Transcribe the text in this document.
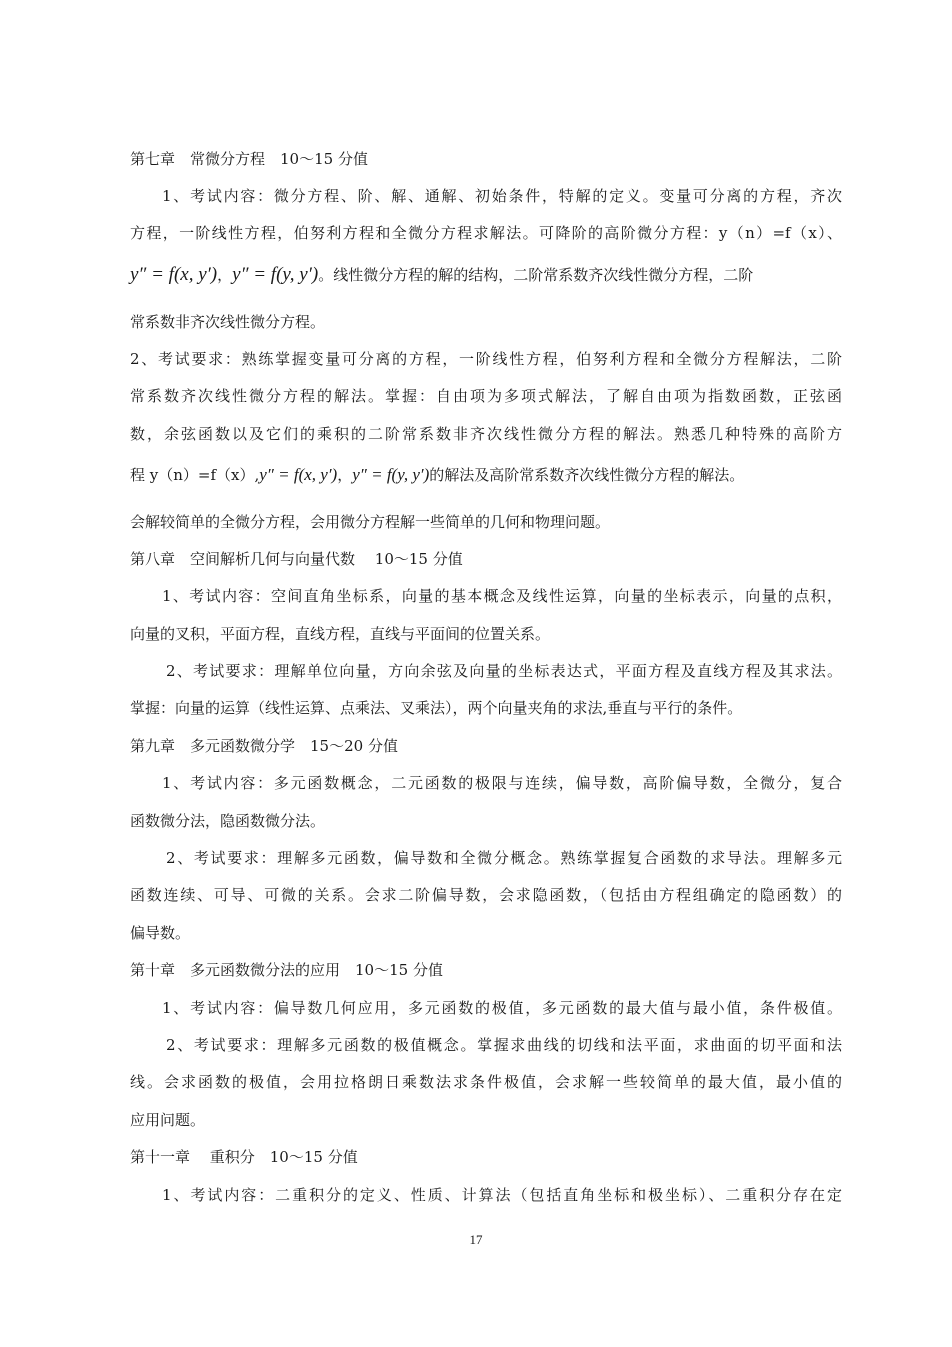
第七章　常微分方程　10～15 分值
1、考试内容：微分方程、阶、解、通解、初始条件，特解的定义。变量可分离的方程，齐次
方程，一阶线性方程，伯努利方程和全微分方程求解法。可降阶的高阶微分方程：y（n）=f（x）、
y″ = f(x, y′)，y″ = f(y, y′)。线性微分方程的解的结构，二阶常系数齐次线性微分方程，二阶
常系数非齐次线性微分方程。
2、考试要求：熟练掌握变量可分离的方程，一阶线性方程，伯努利方程和全微分方程解法，二阶
常系数齐次线性微分方程的解法。掌握：自由项为多项式解法，了解自由项为指数函数，正弦函
数，余弦函数以及它们的乘积的二阶常系数非齐次线性微分方程的解法。熟悉几种特殊的高阶方
程 y（n）=f（x）,y″ = f(x, y′)，y″ = f(y, y′)的解法及高阶常系数齐次线性微分方程的解法。
会解较简单的全微分方程，会用微分方程解一些简单的几何和物理问题。
第八章　空间解析几何与向量代数　 10～15 分值
1、考试内容：空间直角坐标系，向量的基本概念及线性运算，向量的坐标表示，向量的点积，
向量的叉积，平面方程，直线方程，直线与平面间的位置关系。
2、考试要求：理解单位向量，方向余弦及向量的坐标表达式，平面方程及直线方程及其求法。
掌握：向量的运算（线性运算、点乘法、叉乘法），两个向量夹角的求法,垂直与平行的条件。
第九章　多元函数微分学　15～20 分值
1、考试内容：多元函数概念，二元函数的极限与连续，偏导数，高阶偏导数，全微分，复合
函数微分法，隐函数微分法。
2、考试要求：理解多元函数，偏导数和全微分概念。熟练掌握复合函数的求导法。理解多元
函数连续、可导、可微的关系。会求二阶偏导数，会求隐函数，（包括由方程组确定的隐函数）的
偏导数。
第十章　多元函数微分法的应用　10～15 分值
1、考试内容：偏导数几何应用，多元函数的极值，多元函数的最大值与最小值，条件极值。
2、考试要求：理解多元函数的极值概念。掌握求曲线的切线和法平面，求曲面的切平面和法
线。会求函数的极值，会用拉格朗日乘数法求条件极值，会求解一些较简单的最大值，最小值的
应用问题。
第十一章　 重积分　10～15 分值
1、考试内容：二重积分的定义、性质、计算法（包括直角坐标和极坐标）、二重积分存在定
17
